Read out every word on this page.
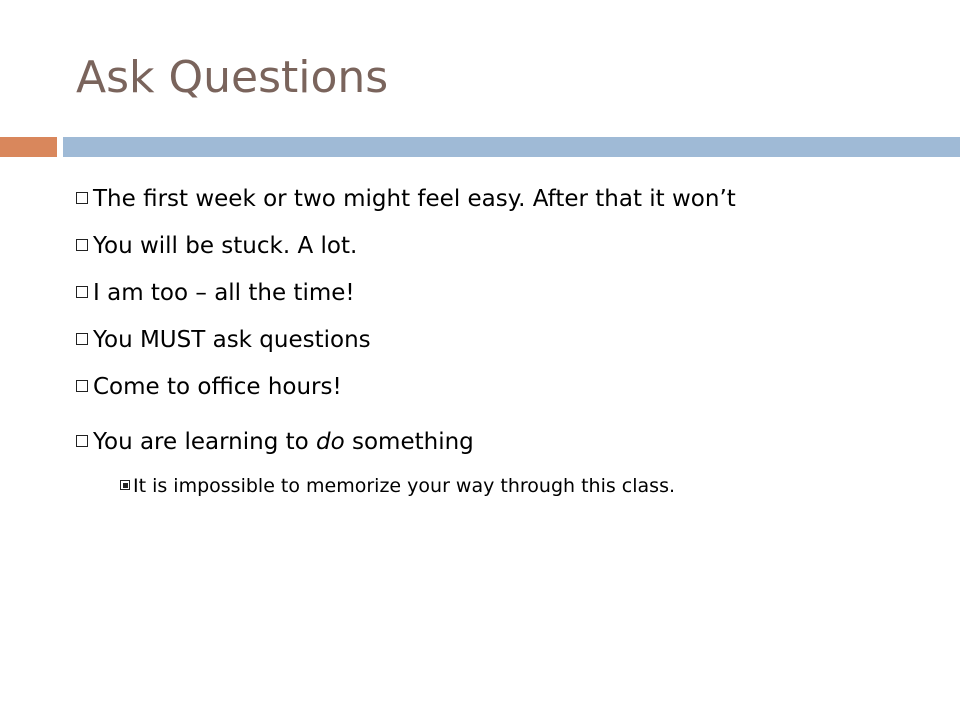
Ask Questions
The first week or two might feel easy. After that it won’t
You will be stuck. A lot.
I am too – all the time!
You MUST ask questions
Come to office hours!
You are learning to do something
It is impossible to memorize your way through this class.
